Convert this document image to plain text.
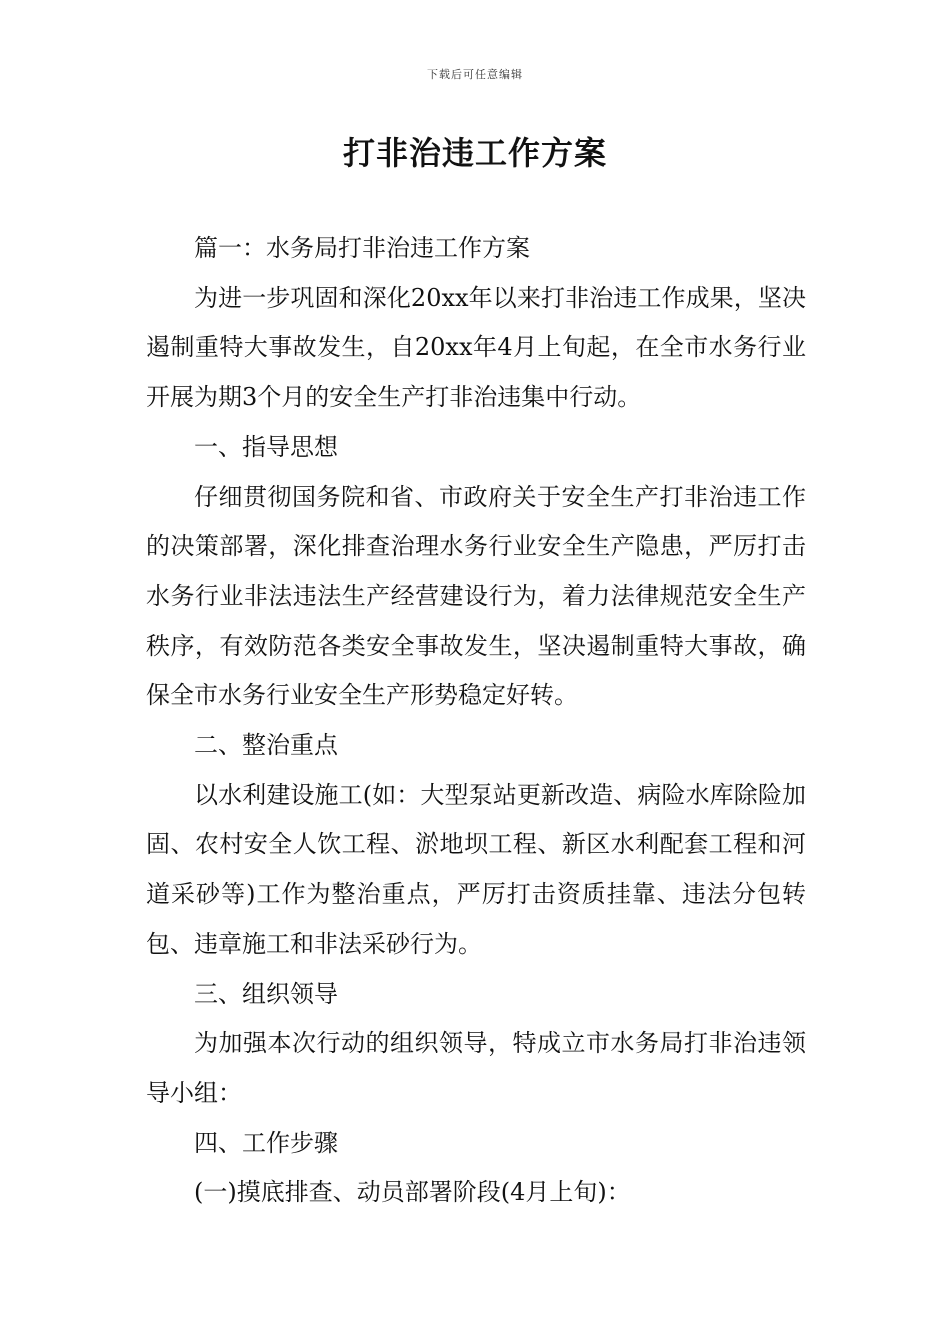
下载后可任意编辑
打非治违工作方案

篇一：水务局打非治违工作方案

为进一步巩固和深化20xx年以来打非治违工作成果，坚决遏制重特大事故发生，自20xx年4月上旬起，在全市水务行业开展为期3个月的安全生产打非治违集中行动。

一、指导思想

仔细贯彻国务院和省、市政府关于安全生产打非治违工作的决策部署，深化排查治理水务行业安全生产隐患，严厉打击水务行业非法违法生产经营建设行为，着力法律规范安全生产秩序，有效防范各类安全事故发生，坚决遏制重特大事故，确保全市水务行业安全生产形势稳定好转。

二、整治重点

以水利建设施工(如：大型泵站更新改造、病险水库除险加固、农村安全人饮工程、淤地坝工程、新区水利配套工程和河道采砂等)工作为整治重点，严厉打击资质挂靠、违法分包转包、违章施工和非法采砂行为。

三、组织领导

为加强本次行动的组织领导，特成立市水务局打非治违领导小组：

四、工作步骤

(一)摸底排查、动员部署阶段(4月上旬)：
